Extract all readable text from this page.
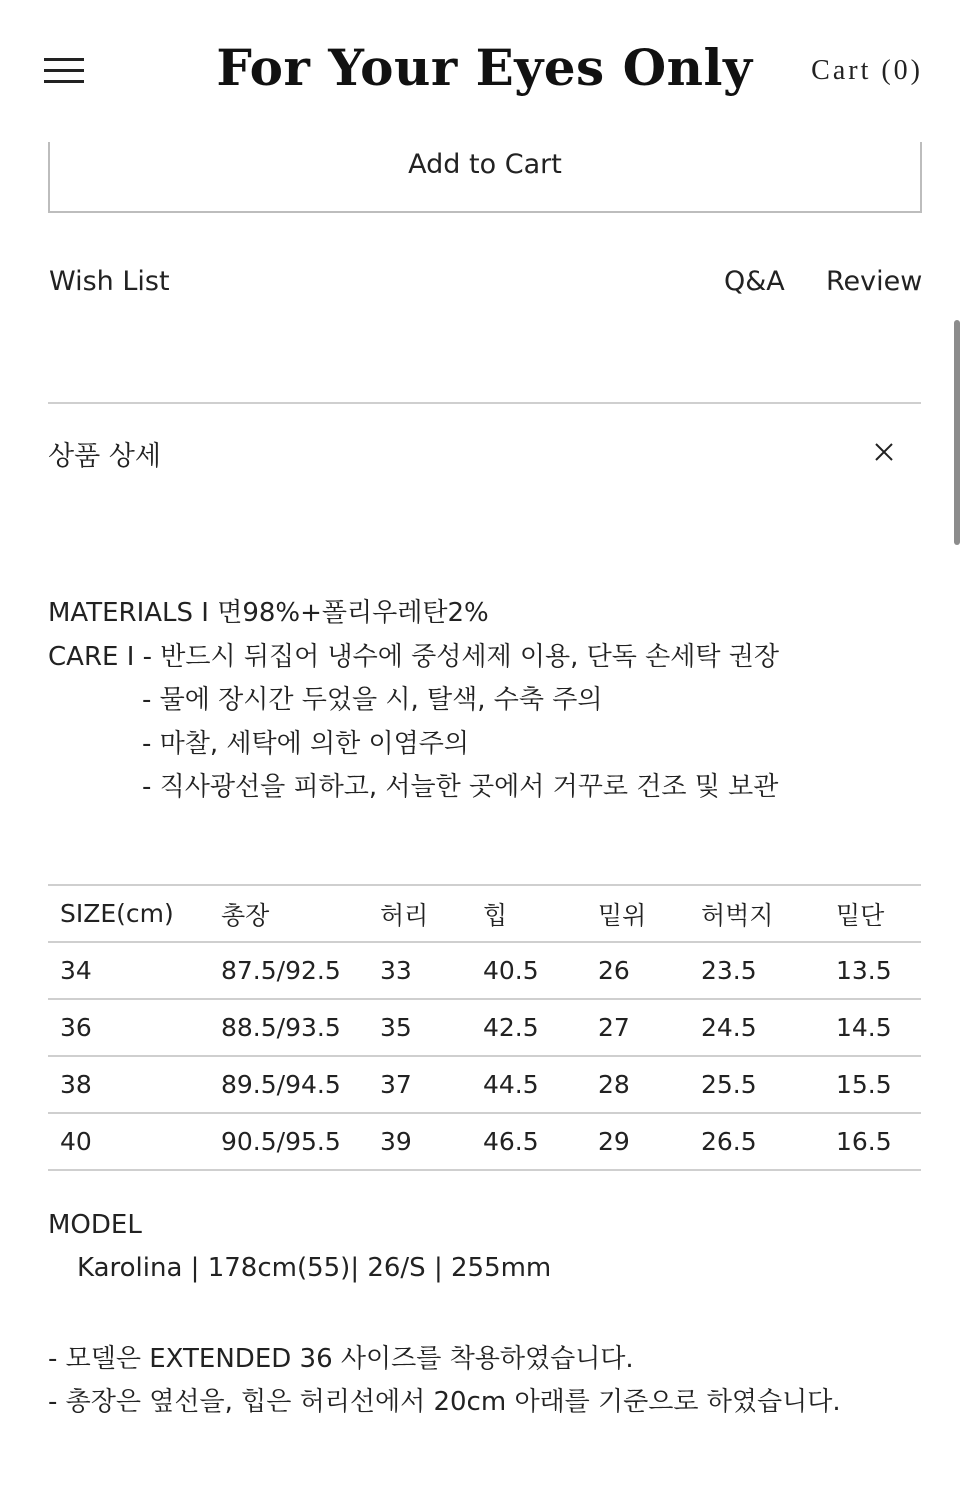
For Your Eyes Only	Cart (0)
Add to Cart
Wish List	Q&A Review
상품 상세
MATERIALS I 면98%+폴리우레탄2%
CARE I - 반드시 뒤집어 냉수에 중성세제 이용, 단독 손세탁 권장
- 물에 장시간 두었을 시, 탈색, 수축 주의
- 마찰, 세탁에 의한 이염주의
- 직사광선을 피하고, 서늘한 곳에서 거꾸로 건조 및 보관
SIZE(cm)	총장	허리	힙	밑위	허벅지	밑단
34	87.5/92.5	33	40.5	26	23.5	13.5
36	88.5/93.5	35	42.5	27	24.5	14.5
38	89.5/94.5	37	44.5	28	25.5	15.5
40	90.5/95.5	39	46.5	29	26.5	16.5
MODEL
Karolina | 178cm(55)| 26/S | 255mm
- 모델은 EXTENDED 36 사이즈를 착용하였습니다.
- 총장은 옆선을, 힙은 허리선에서 20cm 아래를 기준으로 하였습니다.
